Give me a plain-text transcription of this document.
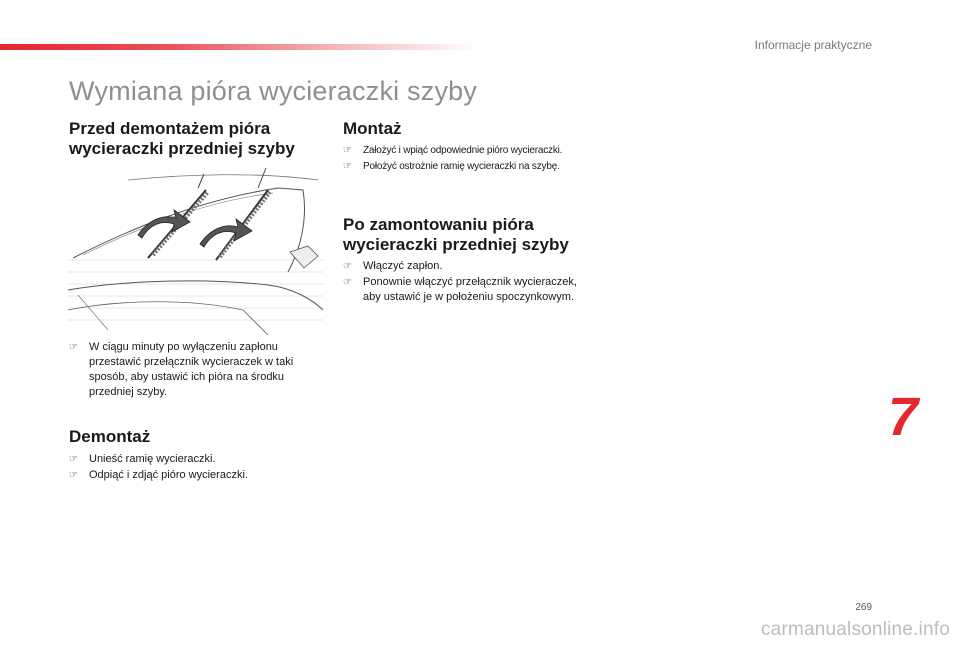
Informacje praktyczne
Wymiana pióra wycieraczki szyby
Przed demontażem pióra
wycieraczki przedniej szyby
☞ W ciągu minuty po wyłączeniu zapłonu przestawić przełącznik wycieraczek w taki sposób, aby ustawić ich pióra na środku przedniej szyby.
Demontaż
☞ Unieść ramię wycieraczki.
☞ Odpiąć i zdjąć pióro wycieraczki.
Montaż
☞ Założyć i wpiąć odpowiednie pióro wycieraczki.
☞ Położyć ostrożnie ramię wycieraczki na szybę.
Po zamontowaniu pióra
wycieraczki przedniej szyby
☞ Włączyć zapłon.
☞ Ponownie włączyć przełącznik wycieraczek, aby ustawić je w położeniu spoczynkowym.
7
269
carmanualsonline.info
